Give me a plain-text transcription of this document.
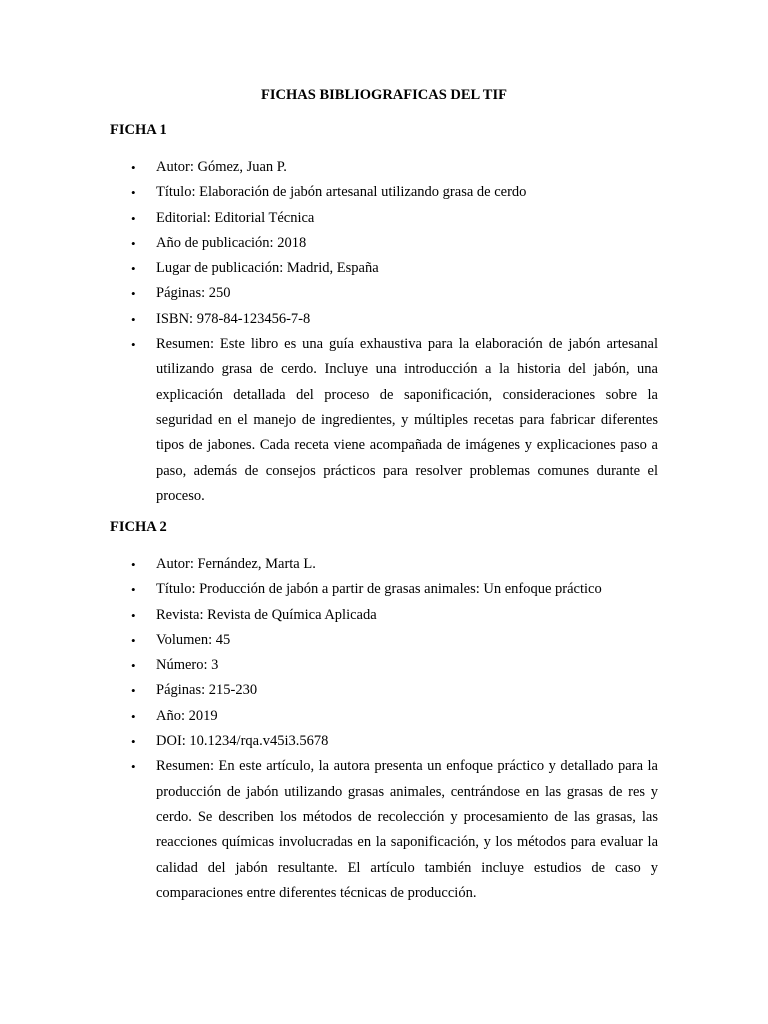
FICHAS BIBLIOGRAFICAS DEL TIF

FICHA 1

• Autor: Gómez, Juan P.
• Título: Elaboración de jabón artesanal utilizando grasa de cerdo
• Editorial: Editorial Técnica
• Año de publicación: 2018
• Lugar de publicación: Madrid, España
• Páginas: 250
• ISBN: 978-84-123456-7-8
• Resumen: Este libro es una guía exhaustiva para la elaboración de jabón artesanal utilizando grasa de cerdo. Incluye una introducción a la historia del jabón, una explicación detallada del proceso de saponificación, consideraciones sobre la seguridad en el manejo de ingredientes, y múltiples recetas para fabricar diferentes tipos de jabones. Cada receta viene acompañada de imágenes y explicaciones paso a paso, además de consejos prácticos para resolver problemas comunes durante el proceso.

FICHA 2

• Autor: Fernández, Marta L.
• Título: Producción de jabón a partir de grasas animales: Un enfoque práctico
• Revista: Revista de Química Aplicada
• Volumen: 45
• Número: 3
• Páginas: 215-230
• Año: 2019
• DOI: 10.1234/rqa.v45i3.5678
• Resumen: En este artículo, la autora presenta un enfoque práctico y detallado para la producción de jabón utilizando grasas animales, centrándose en las grasas de res y cerdo. Se describen los métodos de recolección y procesamiento de las grasas, las reacciones químicas involucradas en la saponificación, y los métodos para evaluar la calidad del jabón resultante. El artículo también incluye estudios de caso y comparaciones entre diferentes técnicas de producción.
